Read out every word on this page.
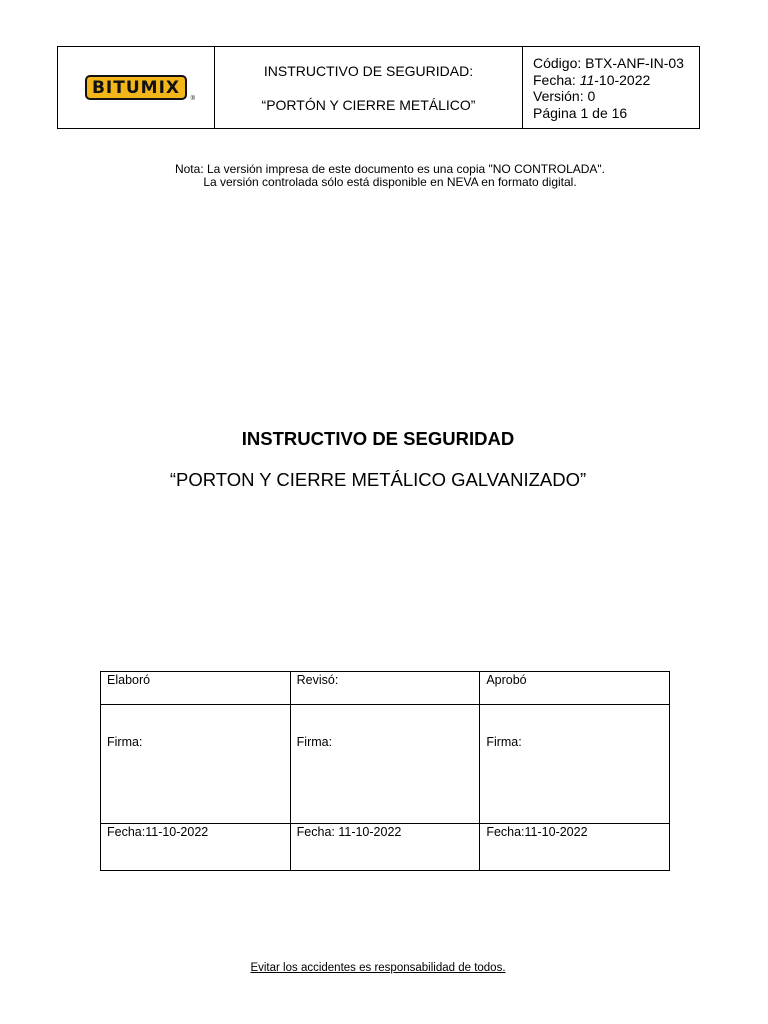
BITUMIX
®

INSTRUCTIVO DE SEGURIDAD:
“PORTÓN Y CIERRE METÁLICO”

Código: BTX-ANF-IN-03
Fecha: 11-10-2022
Versión: 0
Página 1 de 16
Nota: La versión impresa de este documento es una copia "NO CONTROLADA".
La versión controlada sólo está disponible en NEVA en formato digital.
INSTRUCTIVO DE SEGURIDAD
“PORTON Y CIERRE METÁLICO GALVANIZADO”
Elaboró	Revisó:	Aprobó
Firma:	Firma:	Firma:
Fecha:11-10-2022	Fecha: 11-10-2022	Fecha:11-10-2022
Evitar los accidentes es responsabilidad de todos.
